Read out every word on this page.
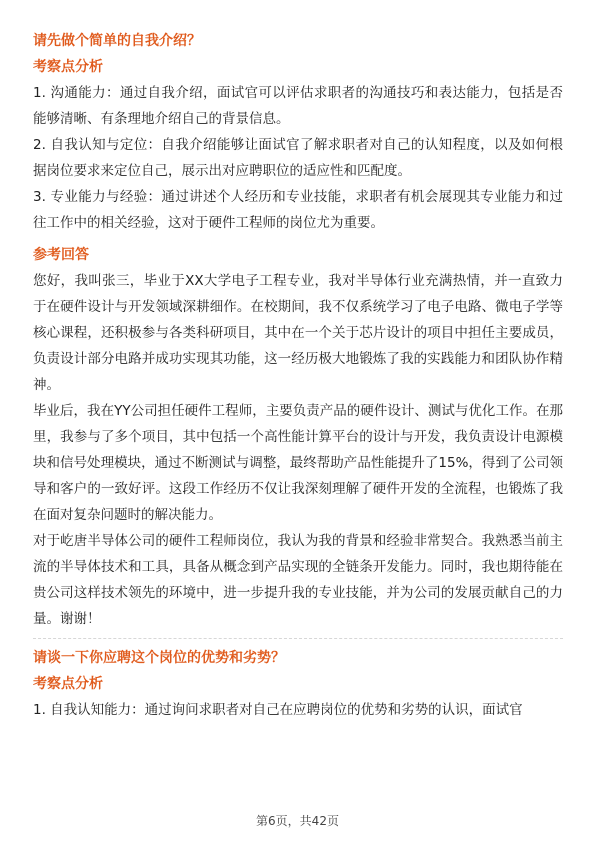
请先做个简单的自我介绍？

考察点分析

1. 沟通能力：通过自我介绍，面试官可以评估求职者的沟通技巧和表达能力，包括是否能够清晰、有条理地介绍自己的背景信息。

2. 自我认知与定位：自我介绍能够让面试官了解求职者对自己的认知程度，以及如何根据岗位要求来定位自己，展示出对应聘职位的适应性和匹配度。

3. 专业能力与经验：通过讲述个人经历和专业技能，求职者有机会展现其专业能力和过往工作中的相关经验，这对于硬件工程师的岗位尤为重要。

参考回答

您好，我叫张三，毕业于XX大学电子工程专业，我对半导体行业充满热情，并一直致力于在硬件设计与开发领域深耕细作。在校期间，我不仅系统学习了电子电路、微电子学等核心课程，还积极参与各类科研项目，其中在一个关于芯片设计的项目中担任主要成员，负责设计部分电路并成功实现其功能，这一经历极大地锻炼了我的实践能力和团队协作精神。

毕业后，我在YY公司担任硬件工程师，主要负责产品的硬件设计、测试与优化工作。在那里，我参与了多个项目，其中包括一个高性能计算平台的设计与开发，我负责设计电源模块和信号处理模块，通过不断测试与调整，最终帮助产品性能提升了15%，得到了公司领导和客户的一致好评。这段工作经历不仅让我深刻理解了硬件开发的全流程，也锻炼了我在面对复杂问题时的解决能力。

对于屹唐半导体公司的硬件工程师岗位，我认为我的背景和经验非常契合。我熟悉当前主流的半导体技术和工具，具备从概念到产品实现的全链条开发能力。同时，我也期待能在贵公司这样技术领先的环境中，进一步提升我的专业技能，并为公司的发展贡献自己的力量。谢谢！

请谈一下你应聘这个岗位的优势和劣势？

考察点分析

1. 自我认知能力：通过询问求职者对自己在应聘岗位的优势和劣势的认识，面试官

第6页，共42页
